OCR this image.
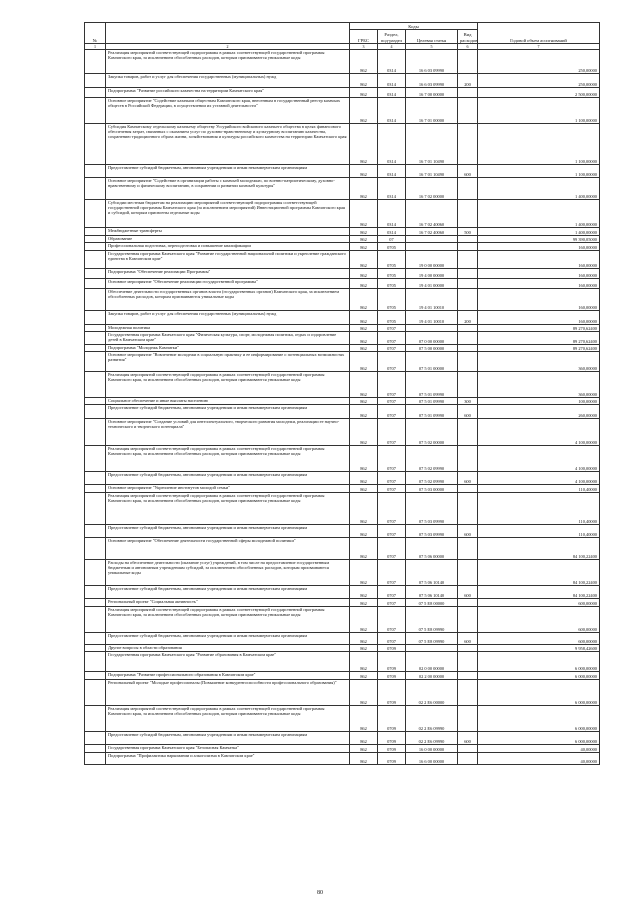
№		Коды				Годовой объем ассигнований
		ГРБС	Раздел, под-раздел	Целевая статья	Вид расходов	
1	2	3	4	5	6	7
	Реализация мероприятий соответствующей подпрограммы в рамках соответствующей государственной программы Камчатского края, за исключением обособленных расходов, которым присваиваются уникальные коды	862	0314	16 6 03 09990		250,00000
	Закупка товаров, работ и услуг для обеспечения государственных (муниципальных) нужд	862	0314	16 6 03 09990	200	250,00000
	Подпрограмма "Развитие российского казачества на территории Камчатского края"	862	0314	16 7 00 00000		2 500,00000
	Основное мероприятие "Содействие казачьим обществам Камчатского края, внесенным в государственный реестр казачьих обществ в Российской Федерации, в осуществлении их уставной деятельности"	862	0314	16 7 01 00000		1 100,00000
	Субсидия Камчатскому отдельскому казачьему обществу Уссурийского войскового казачьего общества в целях финансового обеспечения затрат, связанных с оказанием услуг по духовно-нравственному и культурному воспитанию казачества, сохранению традиционного образа жизни, хозяйствования и культуры российского казачества на территории Камчатского края	862	0314	16 7 01 10490		1 100,00000
	Предоставление субсидий бюджетным, автономным учреждениям и иным некоммерческим организациям	862	0314	16 7 01 10490	600	1 100,00000
	Основное мероприятие "Содействие в организации работы с казачьей молодежью, по военно-патриотическому, духовно-нравственному и физическому воспитанию, в сохранении и развитии казачьей культуры"	862	0314	16 7 02 00000		1 400,00000
	Субсидии местным бюджетам на реализацию мероприятий соответствующей подпрограммы соответствующей государственной программы Камчатского края (за исключением мероприятий) Инвестиционной программы Камчатского края и субсидий, которым присвоены отдельные коды	862	0314	16 7 02 40060		1 400,00000
	Межбюджетные трансферты	862	0314	16 7 02 40060	500	1 400,00000
	Образование	862	07			99 390,05000
	Профессиональная подготовка, переподготовка и повышение квалификации	862	0705			160,00000
	Государственная программа Камчатского края "Развитие государственной национальной политики и укрепление гражданского единства в Камчатском крае"	862	0705	19 0 00 00000		160,00000
	Подпрограмма "Обеспечение реализации Программы"	862	0705	19 4 00 00000		160,00000
	Основное мероприятие "Обеспечение реализации государственной программы"	862	0705	19 4 01 00000		160,00000
	Обеспечение деятельности государственных органов власти (государственных органов) Камчатского края, за исключением обособленных расходов, которым присваиваются уникальные коды	862	0705	19 4 01 10010		160,00000
	Закупка товаров, работ и услуг для обеспечения государственных (муниципальных) нужд	862	0705	19 4 01 10010	200	160,00000
	Молодежная политика	862	0707			89 270,62400
	Государственная программа Камчатского края "Физическая культура, спорт, молодежная политика, отдых и оздоровление детей в Камчатском крае"	862	0707	07 0 00 00000		89 270,62400
	Подпрограмма "Молодежь Камчатки"	862	0707	07 5 00 00000		89 270,62400
	Основное мероприятие "Вовлечение молодежи в социальную практику и ее информирование о потенциальных возможностях развития"	862	0707	07 5 01 00000		360,00000
	Реализация мероприятий соответствующей подпрограммы в рамках соответствующей государственной программы Камчатского края, за исключением обособленных расходов, которым присваиваются уникальные коды	862	0707	07 5 01 09990		360,00000
	Социальное обеспечение и иные выплаты населению	862	0707	07 5 01 09990	300	100,00000
	Предоставление субсидий бюджетным, автономным учреждениям и иным некоммерческим организациям	862	0707	07 5 01 09990	600	260,00000
	Основное мероприятие "Создание условий для интеллектуального, творческого развития молодежи, реализации ее научно-технического и творческого потенциала"	862	0707	07 5 02 00000		4 100,00000
	Реализация мероприятий соответствующей подпрограммы в рамках соответствующей государственной программы Камчатского края, за исключением обособленных расходов, которым присваиваются уникальные коды	862	0707	07 5 02 09990		4 100,00000
	Предоставление субсидий бюджетным, автономным учреждениям и иным некоммерческим организациям	862	0707	07 5 02 09990	600	4 100,00000
	Основное мероприятие "Укрепление институтов молодой семьи"	862	0707	07 5 03 00000		110,40000
	Реализация мероприятий соответствующей подпрограммы в рамках соответствующей государственной программы Камчатского края, за исключением обособленных расходов, которым присваиваются уникальные коды	862	0707	07 5 03 09990		110,40000
	Предоставление субсидий бюджетным, автономным учреждениям и иным некоммерческим организациям	862	0707	07 5 03 09990	600	110,40000
	Основное мероприятие "Обеспечение деятельности государственной сферы молодежной политики"	862	0707	07 5 06 00000		84 100,22400
	Расходы на обеспечение деятельности (оказание услуг) учреждений, в том числе на предоставление государственным бюджетным и автономным учреждениям субсидий, за исключением обособленных расходов, которым присваиваются уникальные коды	862	0707	07 5 06 10140		84 100,22400
	Предоставление субсидий бюджетным, автономным учреждениям и иным некоммерческим организациям	862	0707	07 5 06 10140	600	84 100,22400
	Региональный проект "Социальная активность"	862	0707	07 5 E8 00000		600,00000
	Реализация мероприятий соответствующей подпрограммы в рамках соответствующей государственной программы Камчатского края, за исключением обособленных расходов, которым присваиваются уникальные коды	862	0707	07 5 E8 09990		600,00000
	Предоставление субсидий бюджетным, автономным учреждениям и иным некоммерческим организациям	862	0707	07 5 E8 09990	600	600,00000
	Другие вопросы в области образования	862	0709			9 958,42600
	Государственная программа Камчатского края "Развитие образования в Камчатском крае"	862	0709	02 0 00 00000		6 000,00000
	Подпрограмма "Развитие профессионального образования в Камчатском крае"	862	0709	02 2 00 00000		6 000,00000
	Региональный проект "Молодые профессионалы (Повышение конкурентоспособности профессионального образования)"	862	0709	02 2 E6 00000		6 000,00000
	Реализация мероприятий соответствующей подпрограммы в рамках соответствующей государственной программы Камчатского края, за исключением обособленных расходов, которым присваиваются уникальные коды	862	0709	02 2 E6 09990		6 000,00000
	Предоставление субсидий бюджетным, автономным учреждениям и иным некоммерческим организациям	862	0709	02 2 E6 09990	600	6 000,00000
	Государственная программа Камчатского края "Безопасная Камчатка"	862	0709	16 0 00 00000		40,00000
	Подпрограмма "Профилактика наркомании и алкоголизма в Камчатском крае"	862	0709	16 6 00 00000		40,00000
80
